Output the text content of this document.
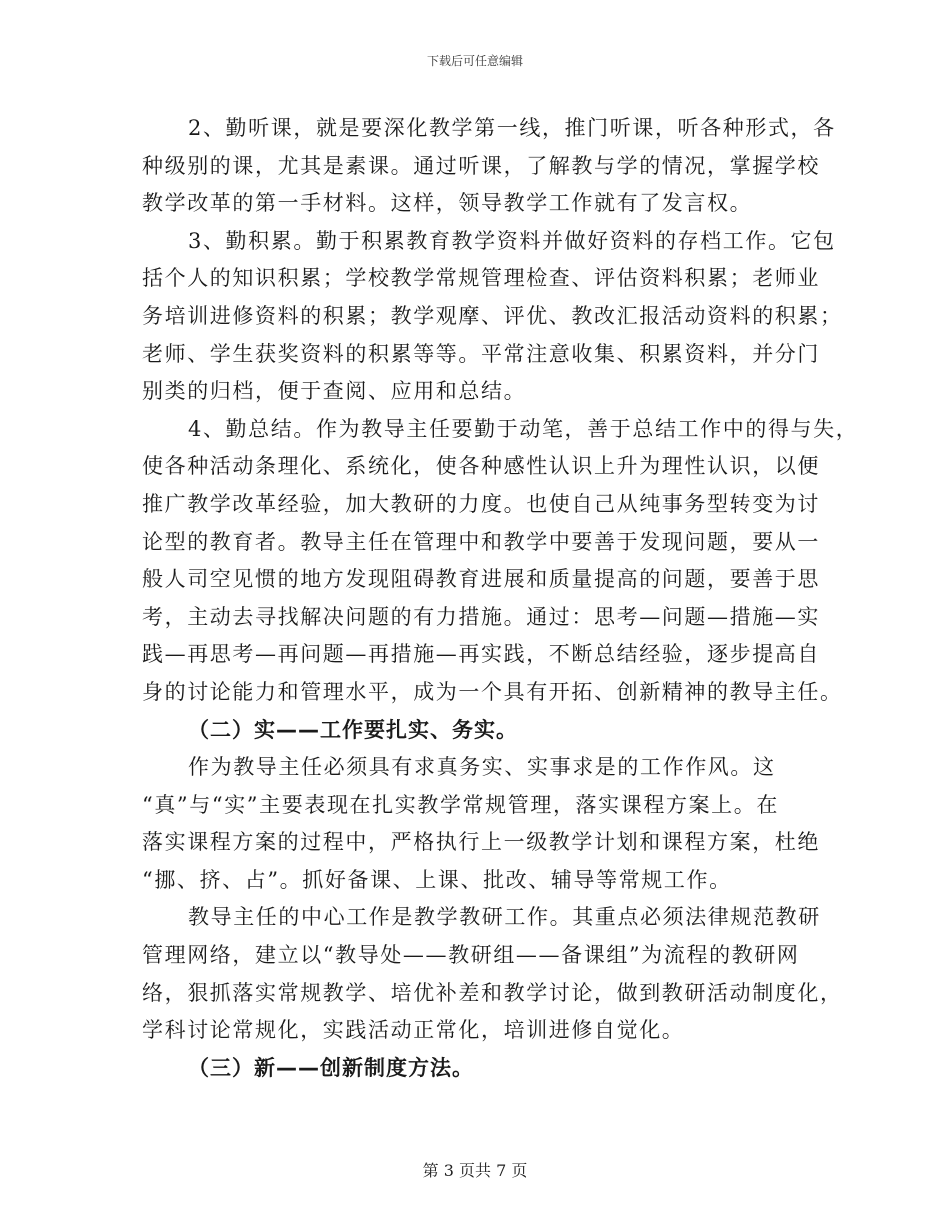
下载后可任意编辑
2、勤听课，就是要深化教学第一线，推门听课，听各种形式，各
种级别的课，尤其是素课。通过听课，了解教与学的情况，掌握学校
教学改革的第一手材料。这样，领导教学工作就有了发言权。
3、勤积累。勤于积累教育教学资料并做好资料的存档工作。它包
括个人的知识积累；学校教学常规管理检查、评估资料积累；老师业
务培训进修资料的积累；教学观摩、评优、教改汇报活动资料的积累；
老师、学生获奖资料的积累等等。平常注意收集、积累资料，并分门
别类的归档，便于查阅、应用和总结。
4、勤总结。作为教导主任要勤于动笔，善于总结工作中的得与失，
使各种活动条理化、系统化，使各种感性认识上升为理性认识，以便
推广教学改革经验，加大教研的力度。也使自己从纯事务型转变为讨
论型的教育者。教导主任在管理中和教学中要善于发现问题，要从一
般人司空见惯的地方发现阻碍教育进展和质量提高的问题，要善于思
考，主动去寻找解决问题的有力措施。通过：思考—问题—措施—实
践—再思考—再问题—再措施—再实践，不断总结经验，逐步提高自
身的讨论能力和管理水平，成为一个具有开拓、创新精神的教导主任。
（二）实——工作要扎实、务实。
作为教导主任必须具有求真务实、实事求是的工作作风。这
“真”与“实”主要表现在扎实教学常规管理，落实课程方案上。在
落实课程方案的过程中，严格执行上一级教学计划和课程方案，杜绝
“挪、挤、占”。抓好备课、上课、批改、辅导等常规工作。
教导主任的中心工作是教学教研工作。其重点必须法律规范教研
管理网络，建立以“教导处——教研组——备课组”为流程的教研网
络，狠抓落实常规教学、培优补差和教学讨论，做到教研活动制度化，
学科讨论常规化，实践活动正常化，培训进修自觉化。
（三）新——创新制度方法。
第 3 页共 7 页
